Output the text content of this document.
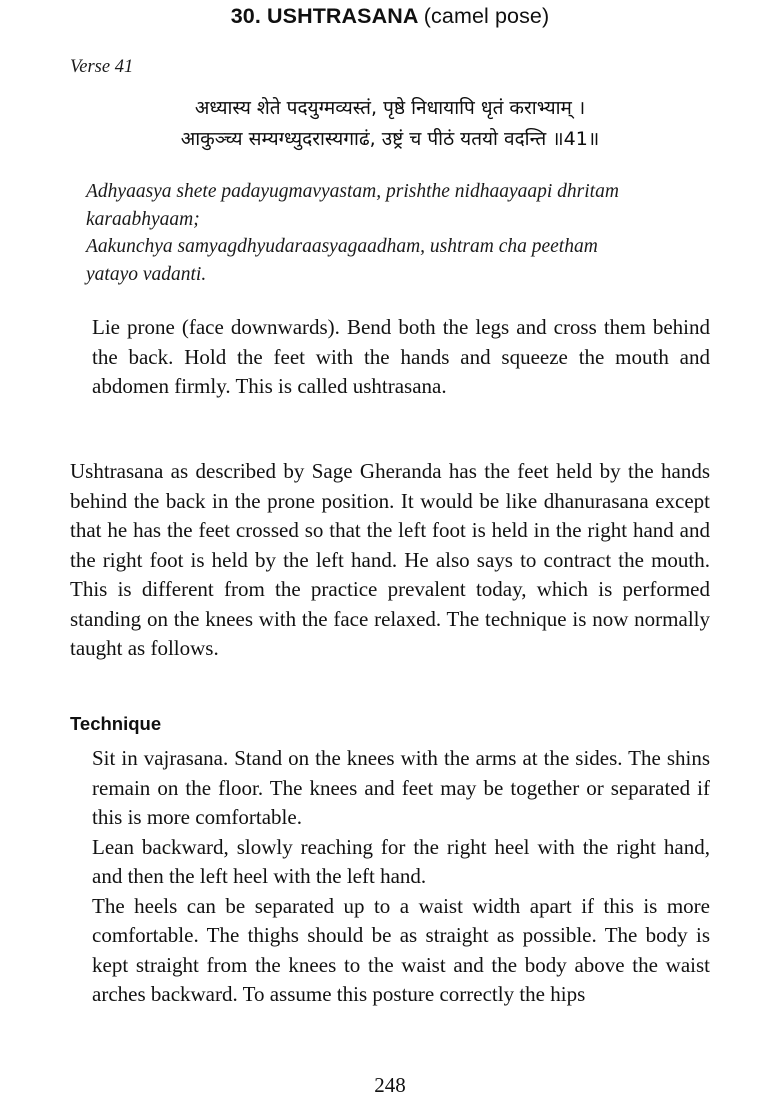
30. USHTRASANA (camel pose)
Verse 41
अध्यास्य शेते पदयुग्मव्यस्तं, पृष्ठे निधायापि धृतं कराभ्याम् ।
आकुञ्च्य सम्यग्ध्युदरास्यगाढं, उष्ट्रं च पीठं यतयो वदन्ति ॥41॥
Adhyaasya shete padayugmavyastam, prishthe nidhaayaapi dhritam
karaabhyaam;
Aakunchya samyagdhyudaraasyagaadham, ushtram cha peetham
yatayo vadanti.
Lie prone (face downwards). Bend both the legs and cross them behind the back. Hold the feet with the hands and squeeze the mouth and abdomen firmly. This is called ushtrasana.
Ushtrasana as described by Sage Gheranda has the feet held by the hands behind the back in the prone position. It would be like dhanurasana except that he has the feet crossed so that the left foot is held in the right hand and the right foot is held by the left hand. He also says to contract the mouth. This is different from the practice prevalent today, which is performed standing on the knees with the face relaxed. The technique is now normally taught as follows.
Technique

Sit in vajrasana. Stand on the knees with the arms at the sides. The shins remain on the floor. The knees and feet may be together or separated if this is more comfortable.

Lean backward, slowly reaching for the right heel with the right hand, and then the left heel with the left hand.

The heels can be separated up to a waist width apart if this is more comfortable. The thighs should be as straight as possible. The body is kept straight from the knees to the waist and the body above the waist arches backward. To assume this posture correctly the hips

248
